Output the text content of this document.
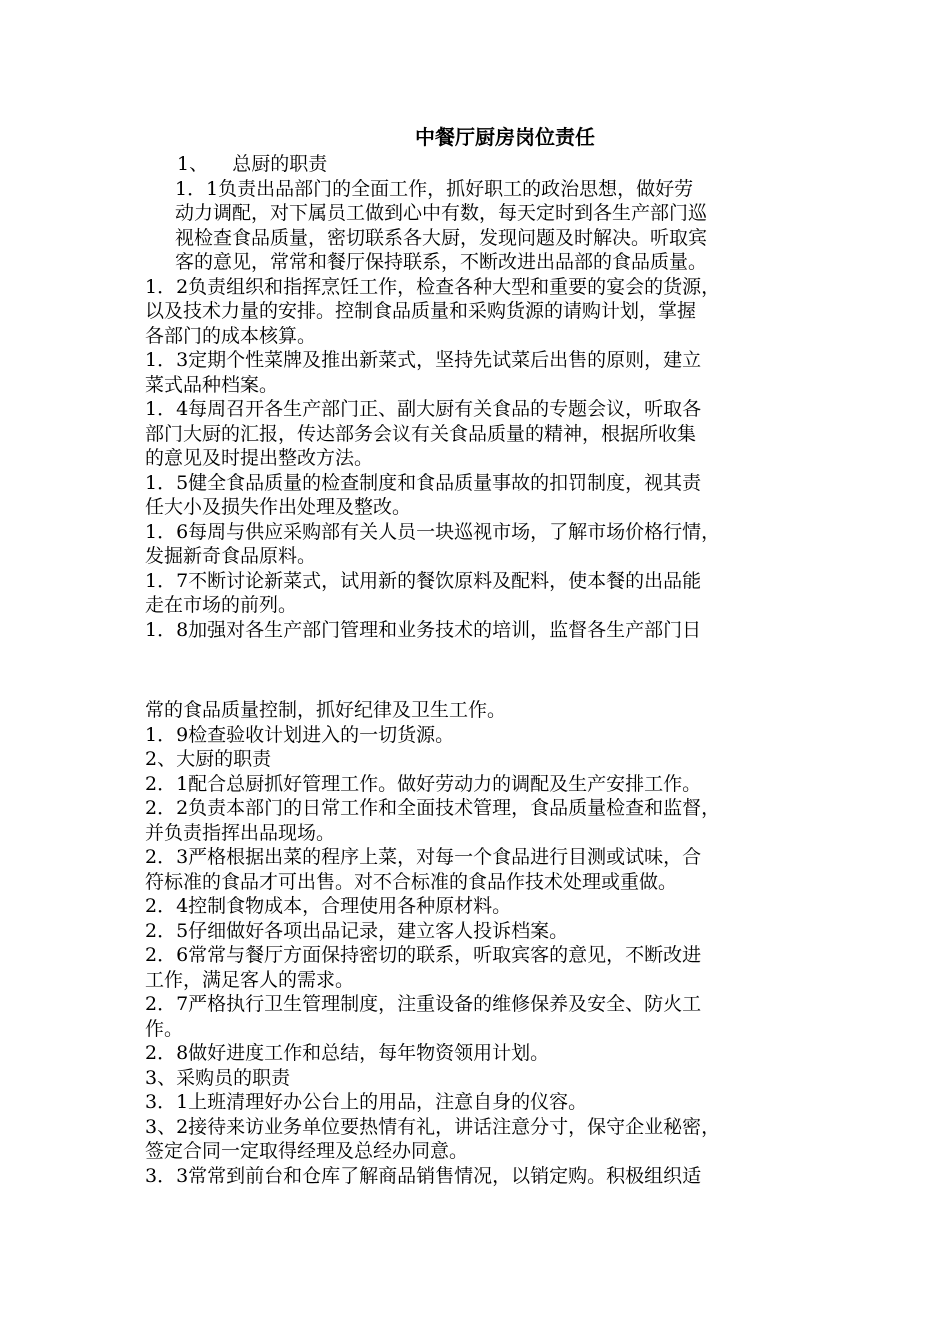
中餐厅厨房岗位责任

1、    总厨的职责

1．1负责出品部门的全面工作，抓好职工的政治思想，做好劳

动力调配，对下属员工做到心中有数，每天定时到各生产部门巡

视检查食品质量，密切联系各大厨，发现问题及时解决。听取宾

客的意见，常常和餐厅保持联系，不断改进出品部的食品质量。

1．2负责组织和指挥烹饪工作，检查各种大型和重要的宴会的货源，

以及技术力量的安排。控制食品质量和采购货源的请购计划，掌握

各部门的成本核算。

1．3定期个性菜牌及推出新菜式，坚持先试菜后出售的原则，建立

菜式品种档案。

1．4每周召开各生产部门正、副大厨有关食品的专题会议，听取各

部门大厨的汇报，传达部务会议有关食品质量的精神，根据所收集

的意见及时提出整改方法。

1．5健全食品质量的检查制度和食品质量事故的扣罚制度，视其责

任大小及损失作出处理及整改。

1．6每周与供应采购部有关人员一块巡视市场，了解市场价格行情，

发掘新奇食品原料。

1．7不断讨论新菜式，试用新的餐饮原料及配料，使本餐的出品能

走在市场的前列。

1．8加强对各生产部门管理和业务技术的培训，监督各生产部门日

常的食品质量控制，抓好纪律及卫生工作。

1．9检查验收计划进入的一切货源。

2、大厨的职责

2．1配合总厨抓好管理工作。做好劳动力的调配及生产安排工作。

2．2负责本部门的日常工作和全面技术管理，食品质量检查和监督，

并负责指挥出品现场。

2．3严格根据出菜的程序上菜，对每一个食品进行目测或试味，合

符标准的食品才可出售。对不合标准的食品作技术处理或重做。

2．4控制食物成本，合理使用各种原材料。

2．5仔细做好各项出品记录，建立客人投诉档案。

2．6常常与餐厅方面保持密切的联系，听取宾客的意见，不断改进

工作，满足客人的需求。

2．7严格执行卫生管理制度，注重设备的维修保养及安全、防火工

作。

2．8做好进度工作和总结，每年物资领用计划。

3、采购员的职责

3．1上班清理好办公台上的用品，注意自身的仪容。

3、2接待来访业务单位要热情有礼，讲话注意分寸，保守企业秘密，

签定合同一定取得经理及总经办同意。

3．3常常到前台和仓库了解商品销售情况，以销定购。积极组织适
